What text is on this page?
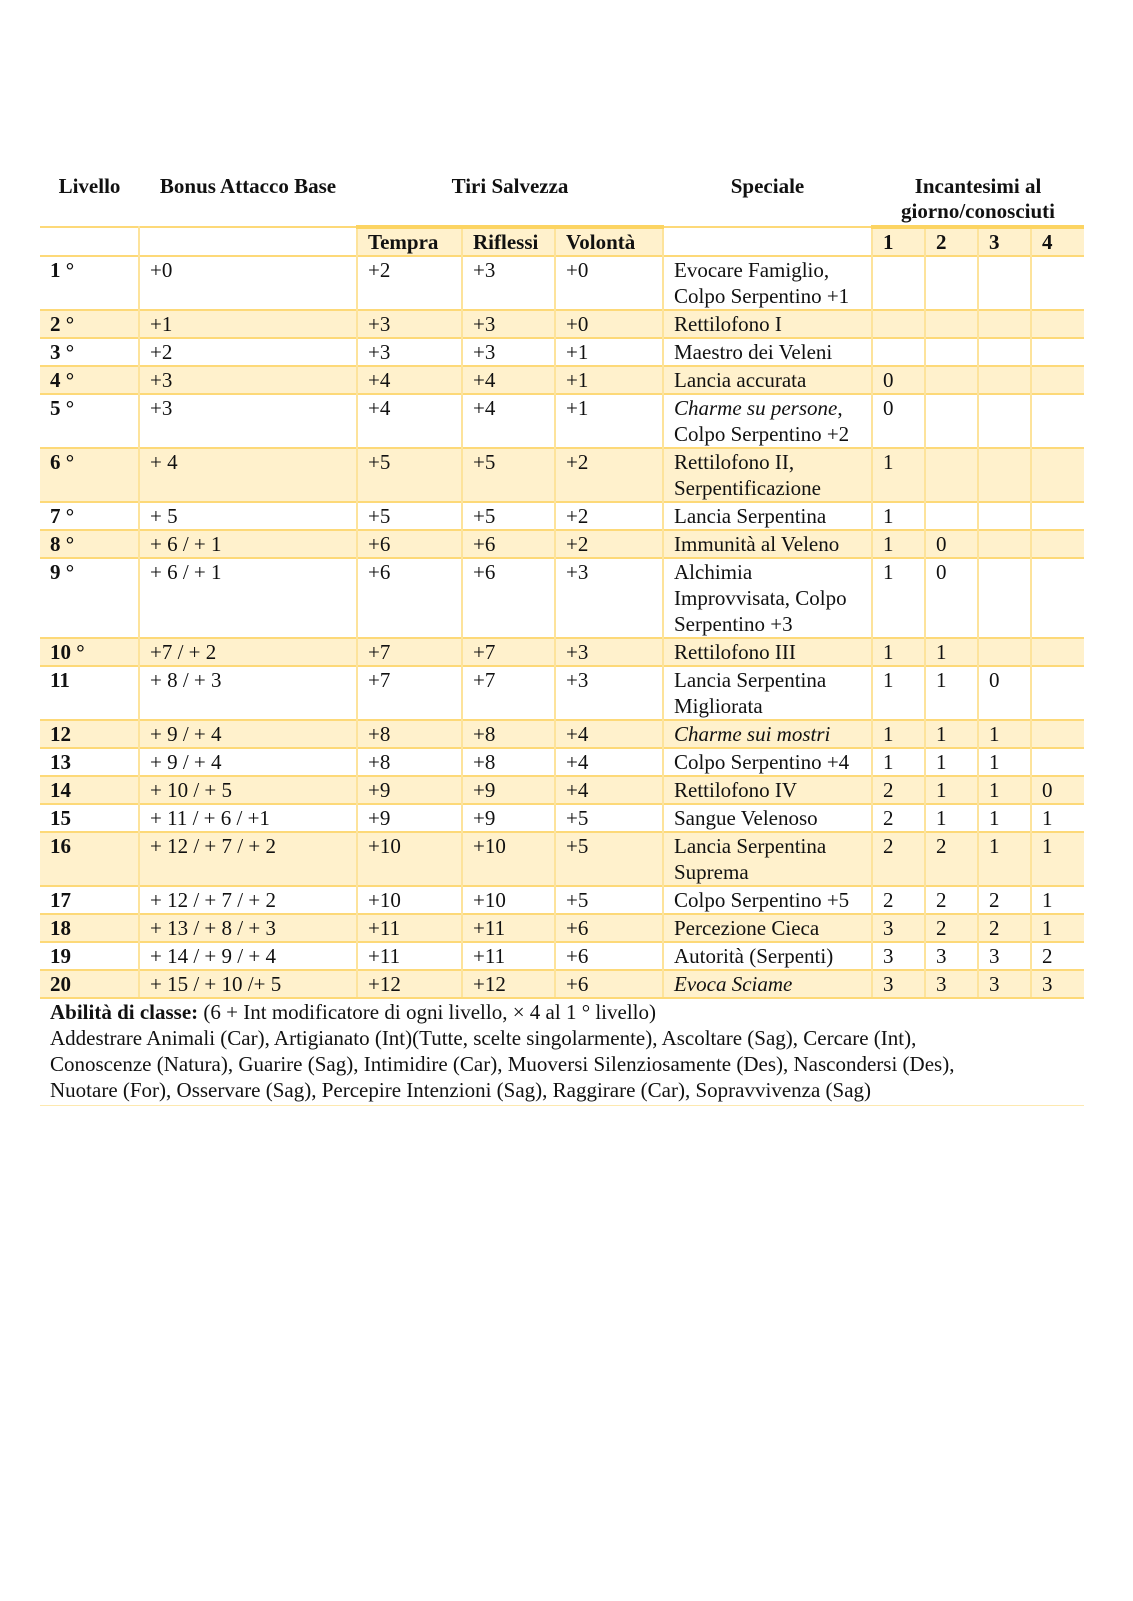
Livello	Bonus Attacco Base	Tiri Salvezza	Speciale	Incantesimi al
giorno/conosciuti
		Tempra	Riflessi	Volontà		1	2	3	4
1 °	+0	+2	+3	+0	Evocare Famiglio, Colpo Serpentino +1				
2 °	+1	+3	+3	+0	Rettilofono I				
3 °	+2	+3	+3	+1	Maestro dei Veleni				
4 °	+3	+4	+4	+1	Lancia accurata	0			
5 °	+3	+4	+4	+1	Charme su persone, Colpo Serpentino +2	0			
6 °	+ 4	+5	+5	+2	Rettilofono II, Serpentificazione	1			
7 °	+ 5	+5	+5	+2	Lancia Serpentina	1			
8 °	+ 6 / + 1	+6	+6	+2	Immunità al Veleno	1	0		
9 °	+ 6 / + 1	+6	+6	+3	Alchimia Improvvisata, Colpo Serpentino +3	1	0		
10 °	+7 / + 2	+7	+7	+3	Rettilofono III	1	1		
11	+ 8 / + 3	+7	+7	+3	Lancia Serpentina Migliorata	1	1	0	
12	+ 9 / + 4	+8	+8	+4	Charme sui mostri	1	1	1	
13	+ 9 / + 4	+8	+8	+4	Colpo Serpentino +4	1	1	1	
14	+ 10 / + 5	+9	+9	+4	Rettilofono IV	2	1	1	0
15	+ 11 / + 6 / +1	+9	+9	+5	Sangue Velenoso	2	1	1	1
16	+ 12 / + 7 / + 2	+10	+10	+5	Lancia Serpentina Suprema	2	2	1	1
17	+ 12 / + 7 / + 2	+10	+10	+5	Colpo Serpentino +5	2	2	2	1
18	+ 13 / + 8 / + 3	+11	+11	+6	Percezione Cieca	3	2	2	1
19	+ 14 / + 9 / + 4	+11	+11	+6	Autorità (Serpenti)	3	3	3	2
20	+ 15 / + 10 /+ 5	+12	+12	+6	Evoca Sciame	3	3	3	3
Abilità di classe: (6 + Int modificatore di ogni livello, × 4 al 1 ° livello)
Addestrare Animali (Car), Artigianato (Int)(Tutte, scelte singolarmente), Ascoltare (Sag), Cercare (Int),
Conoscenze (Natura), Guarire (Sag), Intimidire (Car), Muoversi Silenziosamente (Des), Nascondersi (Des),
Nuotare (For), Osservare (Sag), Percepire Intenzioni (Sag), Raggirare (Car), Sopravvivenza (Sag)
